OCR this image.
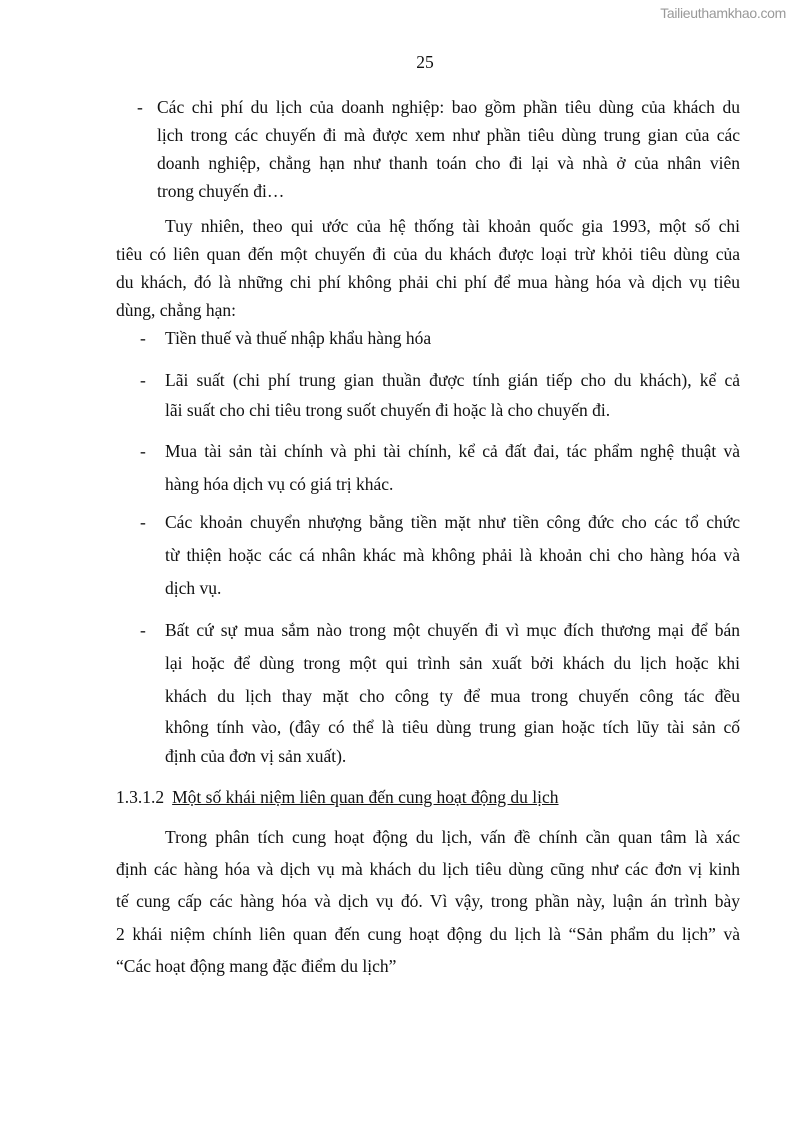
Tailieuthamkhao.com
25
- Các chi phí du lịch của doanh nghiệp: bao gồm phần tiêu dùng của khách du
lịch trong các chuyến đi mà được xem như phần tiêu dùng trung gian của các
doanh nghiệp, chẳng hạn như thanh toán cho đi lại và nhà ở của nhân viên
trong chuyến đi…
Tuy nhiên, theo qui ước của hệ thống tài khoản quốc gia 1993, một số chi
tiêu có liên quan đến một chuyến đi của du khách được loại trừ khỏi tiêu dùng của
du khách, đó là những chi phí không phải chi phí để mua hàng hóa và dịch vụ tiêu
dùng, chẳng hạn:
- Tiền thuế và thuế nhập khẩu hàng hóa
- Lãi suất (chi phí trung gian thuần được tính gián tiếp cho du khách), kể cả
lãi suất cho chi tiêu trong suốt chuyến đi hoặc là cho chuyến đi.
- Mua tài sản tài chính và phi tài chính, kể cả đất đai, tác phẩm nghệ thuật và
hàng hóa dịch vụ có giá trị khác.
- Các khoản chuyển nhượng bằng tiền mặt như tiền công đức cho các tổ chức
từ thiện hoặc các cá nhân khác mà không phải là khoản chi cho hàng hóa và
dịch vụ.
- Bất cứ sự mua sắm nào trong một chuyến đi vì mục đích thương mại để bán
lại hoặc để dùng trong một qui trình sản xuất bởi khách du lịch hoặc khi
khách du lịch thay mặt cho công ty để mua trong chuyến công tác đều
không tính vào, (đây có thể là tiêu dùng trung gian hoặc tích lũy tài sản cố
định của đơn vị sản xuất).
1.3.1.2 Một số khái niệm liên quan đến cung hoạt động du lịch
Trong phân tích cung hoạt động du lịch, vấn đề chính cần quan tâm là xác
định các hàng hóa và dịch vụ mà khách du lịch tiêu dùng cũng như các đơn vị kinh
tế cung cấp các hàng hóa và dịch vụ đó. Vì vậy, trong phần này, luận án trình bày
2 khái niệm chính liên quan đến cung hoạt động du lịch là “Sản phẩm du lịch” và
“Các hoạt động mang đặc điểm du lịch”
